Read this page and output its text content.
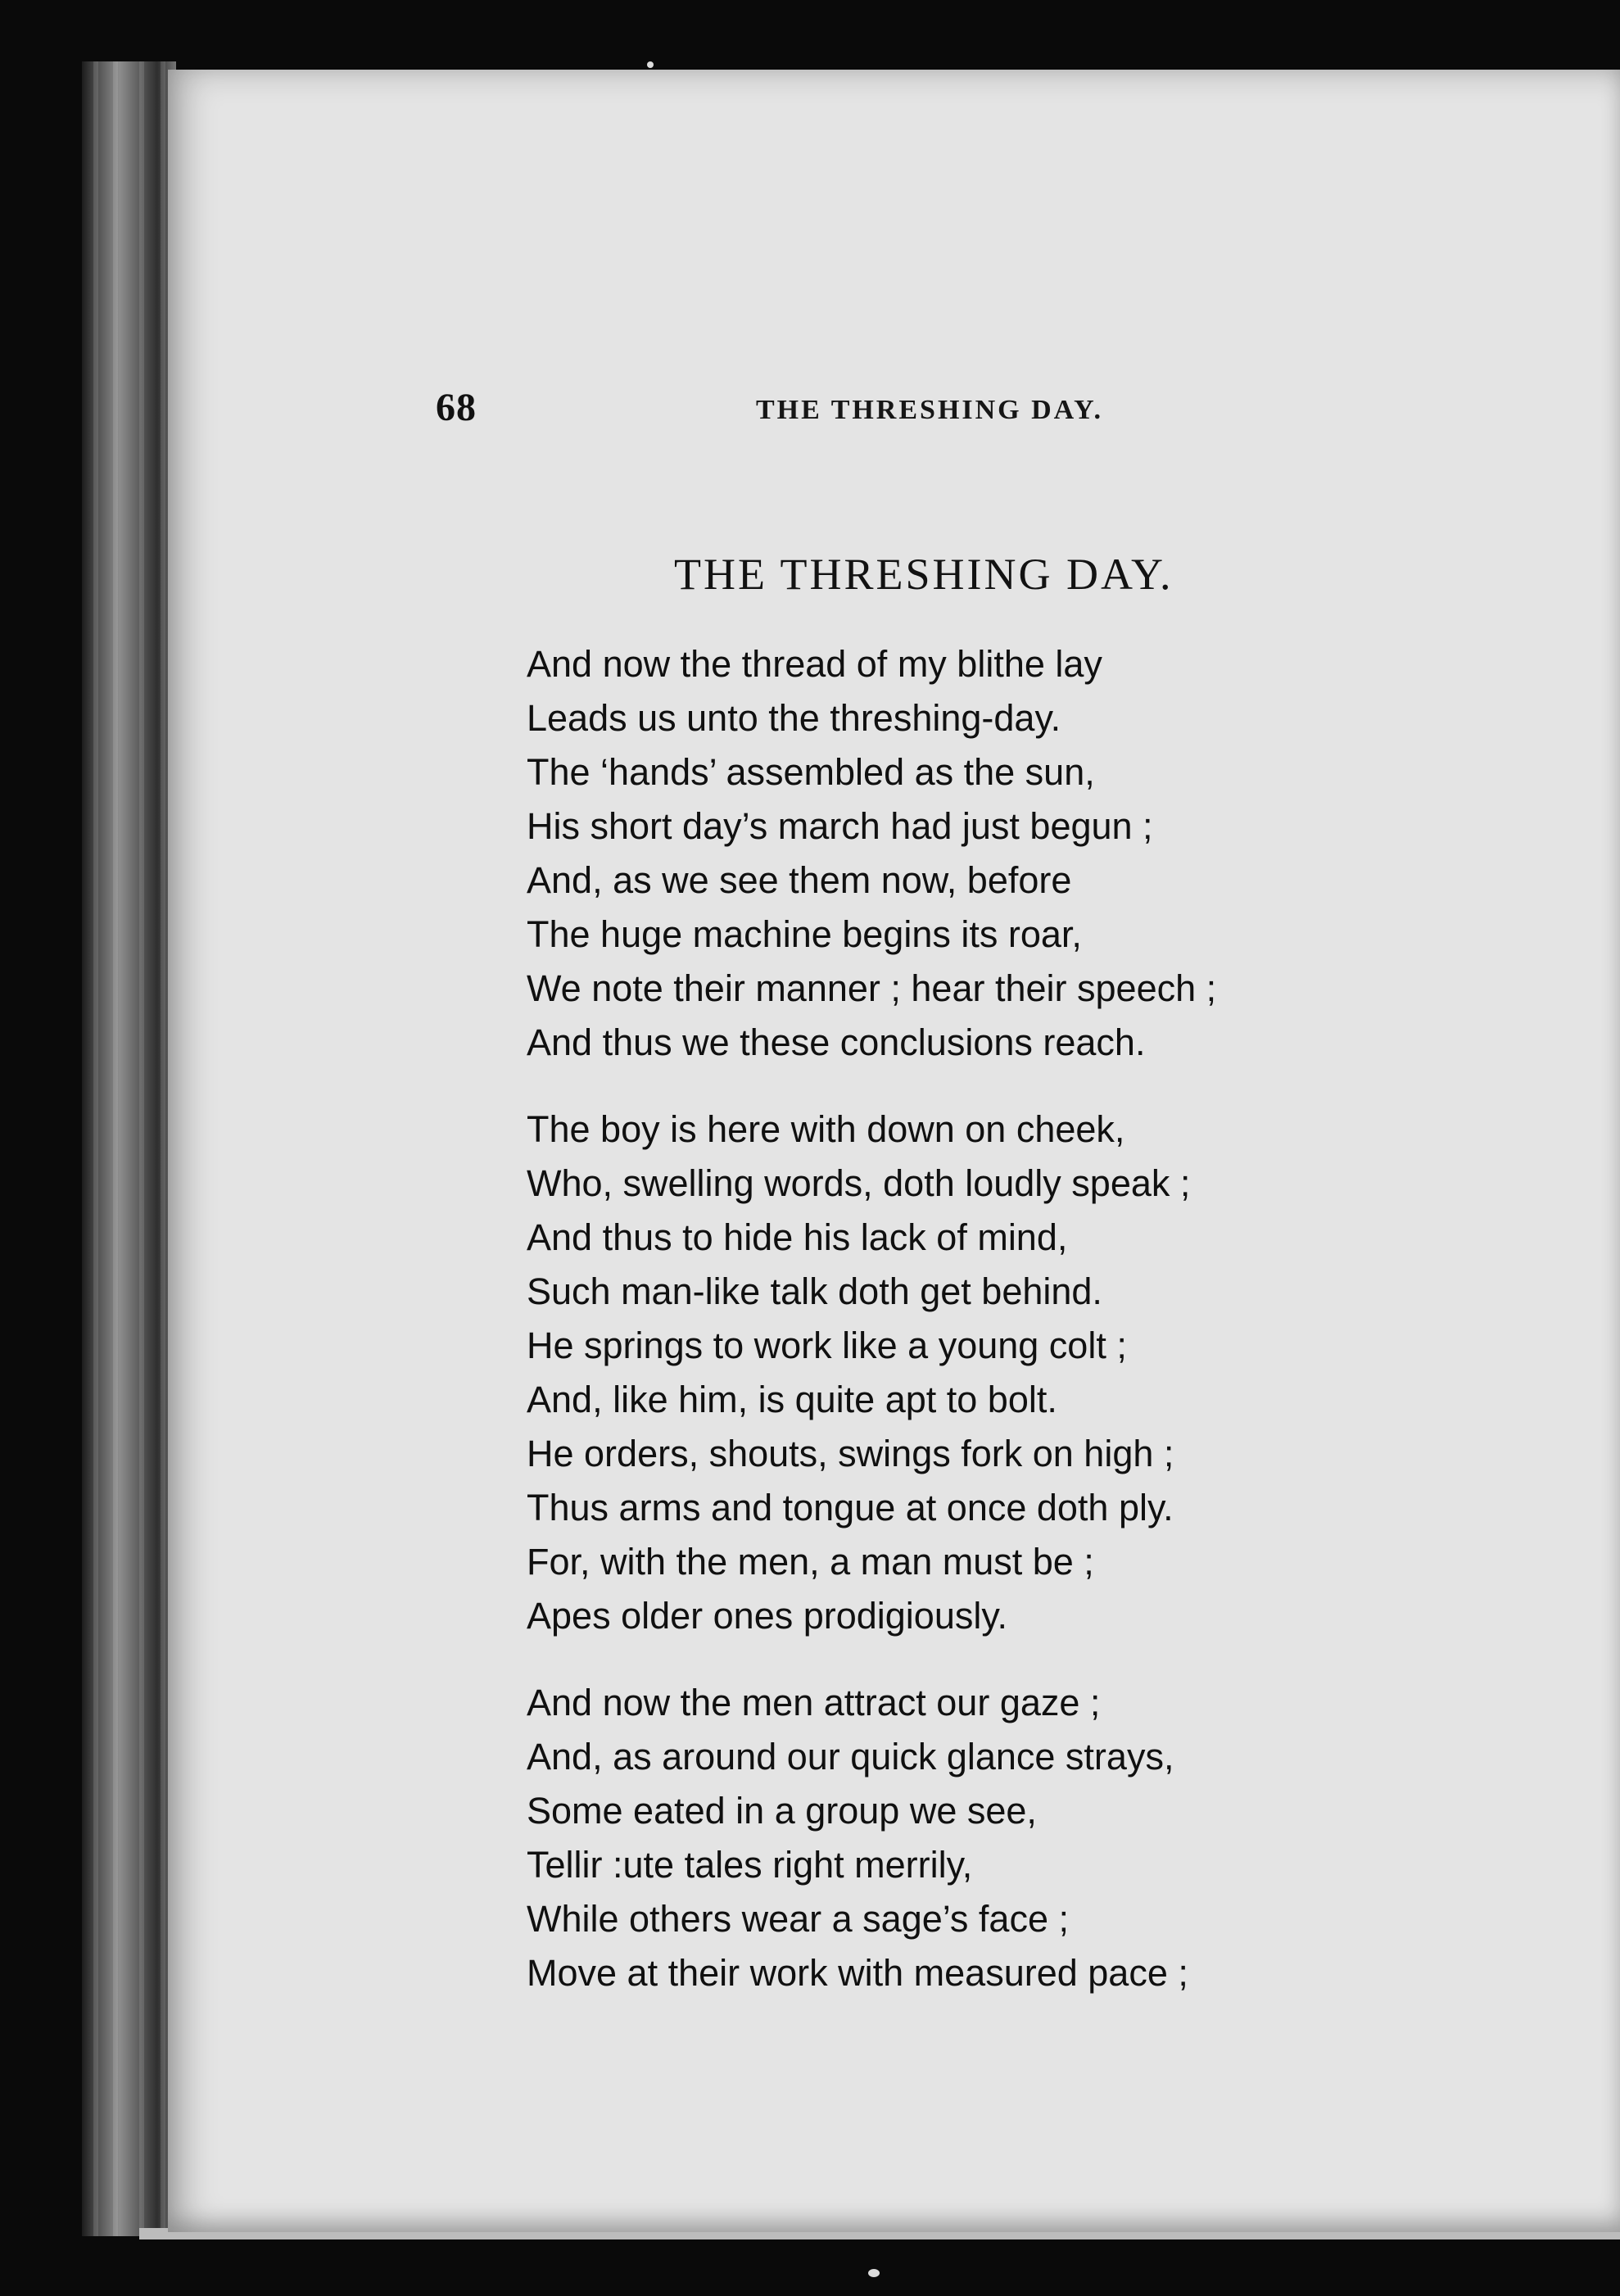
68	THE THRESHING DAY.
THE THRESHING DAY.
And now the thread of my blithe lay
Leads us unto the threshing-day.
The ‘hands’ assembled as the sun,
His short day’s march had just begun ;
And, as we see them now, before
The huge machine begins its roar,
We note their manner ; hear their speech ;
And thus we these conclusions reach.
The boy is here with down on cheek,
Who, swelling words, doth loudly speak ;
And thus to hide his lack of mind,
Such man-like talk doth get behind.
He springs to work like a young colt ;
And, like him, is quite apt to bolt.
He orders, shouts, swings fork on high ;
Thus arms and tongue at once doth ply.
For, with the men, a man must be ;
Apes older ones prodigiously.
And now the men attract our gaze ;
And, as around our quick glance strays,
Some eated in a group we see,
Tellir :ute tales right merrily,
While others wear a sage’s face ;
Move at their work with measured pace ;
